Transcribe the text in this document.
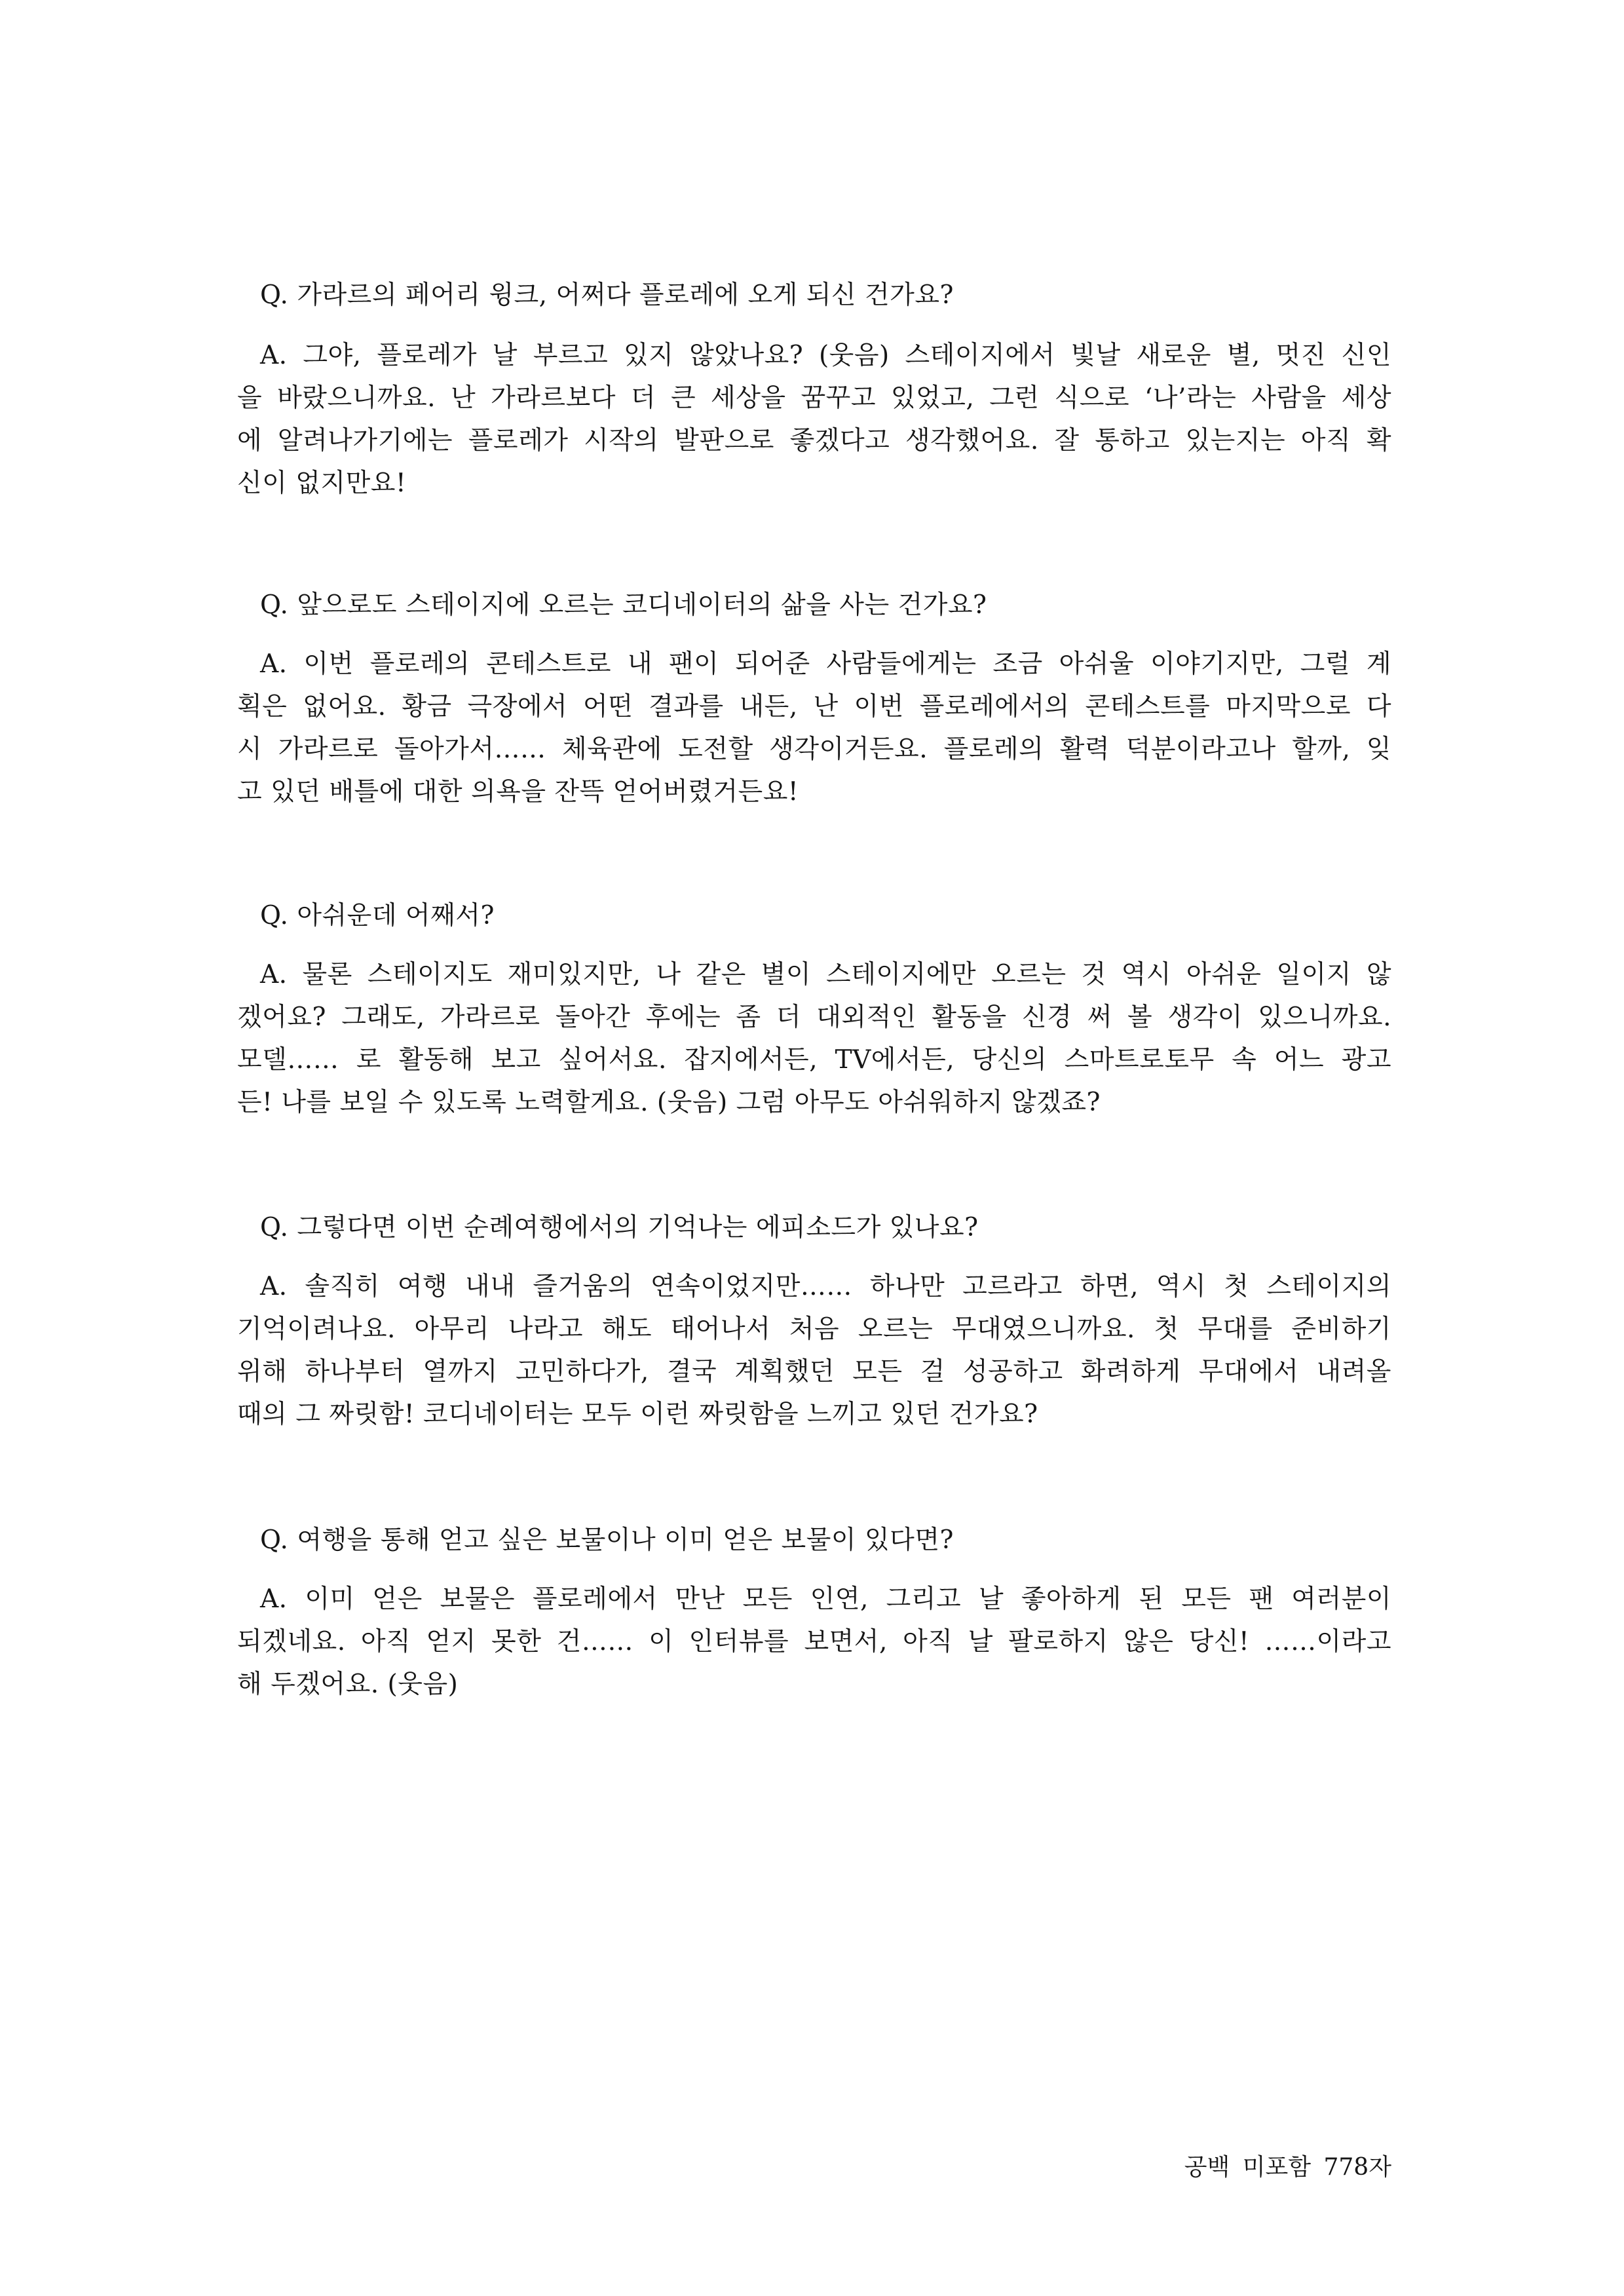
Q. 가라르의 페어리 윙크, 어쩌다 플로레에 오게 되신 건가요?
A. 그야, 플로레가 날 부르고 있지 않았나요? (웃음) 스테이지에서 빛날 새로운 별, 멋진 신인
을 바랐으니까요. 난 가라르보다 더 큰 세상을 꿈꾸고 있었고, 그런 식으로 ‘나’라는 사람을 세상
에 알려나가기에는 플로레가 시작의 발판으로 좋겠다고 생각했어요. 잘 통하고 있는지는 아직 확
신이 없지만요!
Q. 앞으로도 스테이지에 오르는 코디네이터의 삶을 사는 건가요?
A. 이번 플로레의 콘테스트로 내 팬이 되어준 사람들에게는 조금 아쉬울 이야기지만, 그럴 계
획은 없어요. 황금 극장에서 어떤 결과를 내든, 난 이번 플로레에서의 콘테스트를 마지막으로 다
시 가라르로 돌아가서…… 체육관에 도전할 생각이거든요. 플로레의 활력 덕분이라고나 할까, 잊
고 있던 배틀에 대한 의욕을 잔뜩 얻어버렸거든요!
Q. 아쉬운데 어째서?
A. 물론 스테이지도 재미있지만, 나 같은 별이 스테이지에만 오르는 것 역시 아쉬운 일이지 않
겠어요? 그래도, 가라르로 돌아간 후에는 좀 더 대외적인 활동을 신경 써 볼 생각이 있으니까요.
모델…… 로 활동해 보고 싶어서요. 잡지에서든, TV에서든, 당신의 스마트로토무 속 어느 광고
든! 나를 보일 수 있도록 노력할게요. (웃음) 그럼 아무도 아쉬워하지 않겠죠?
Q. 그렇다면 이번 순례여행에서의 기억나는 에피소드가 있나요?
A. 솔직히 여행 내내 즐거움의 연속이었지만…… 하나만 고르라고 하면, 역시 첫 스테이지의
기억이려나요. 아무리 나라고 해도 태어나서 처음 오르는 무대였으니까요. 첫 무대를 준비하기
위해 하나부터 열까지 고민하다가, 결국 계획했던 모든 걸 성공하고 화려하게 무대에서 내려올
때의 그 짜릿함! 코디네이터는 모두 이런 짜릿함을 느끼고 있던 건가요?
Q. 여행을 통해 얻고 싶은 보물이나 이미 얻은 보물이 있다면?
A. 이미 얻은 보물은 플로레에서 만난 모든 인연, 그리고 날 좋아하게 된 모든 팬 여러분이
되겠네요. 아직 얻지 못한 건…… 이 인터뷰를 보면서, 아직 날 팔로하지 않은 당신! ……이라고
해 두겠어요. (웃음)
공백 미포함 778자
